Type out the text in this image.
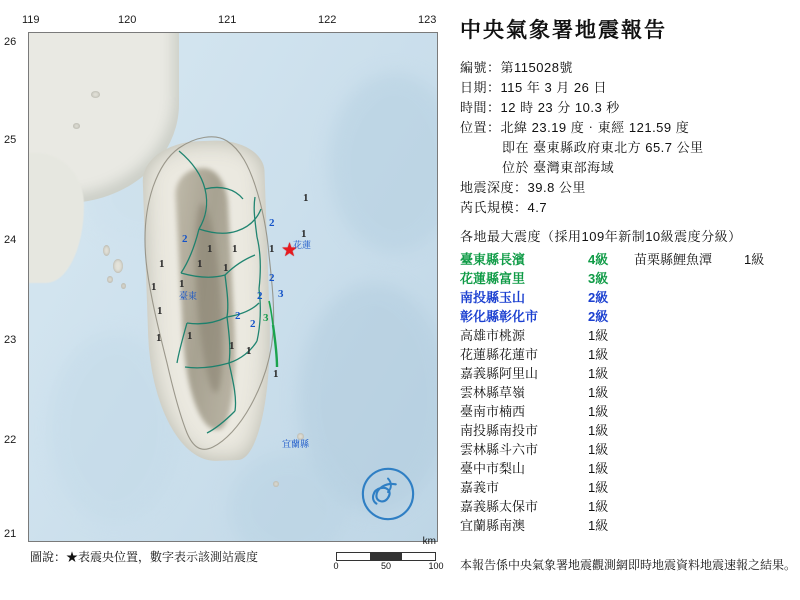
119	120	121	122	123
26
25
24
23
22
21
1
2
1
2
1 1	1
1	1 1
2
1 1
2 3
1	2
2 3
1 1
1 1
1
★
花蓮
臺東
宜蘭縣
圖說：★表震央位置，數字表示該測站震度
km
0	50	100
中央氣象署地震報告
編號：第115028號
日期：115 年 3 月 26 日
時間：12 時 23 分 10.3 秒
位置：北緯 23.19 度‧東經 121.59 度
即在 臺東縣政府東北方 65.7 公里
位於 臺灣東部海域
地震深度：39.8 公里
芮氏規模：4.7
各地最大震度（採用109年新制10級震度分級）
臺東縣長濱	4級	苗栗縣鯉魚潭	1級
花蓮縣富里	3級
南投縣玉山	2級
彰化縣彰化市	2級
高雄市桃源	1級
花蓮縣花蓮市	1級
嘉義縣阿里山	1級
雲林縣草嶺	1級
臺南市楠西	1級
南投縣南投市	1級
雲林縣斗六市	1級
臺中市梨山	1級
嘉義市	1級
嘉義縣太保市	1級
宜蘭縣南澳	1級
本報告係中央氣象署地震觀測網即時地震資料地震速報之結果。
